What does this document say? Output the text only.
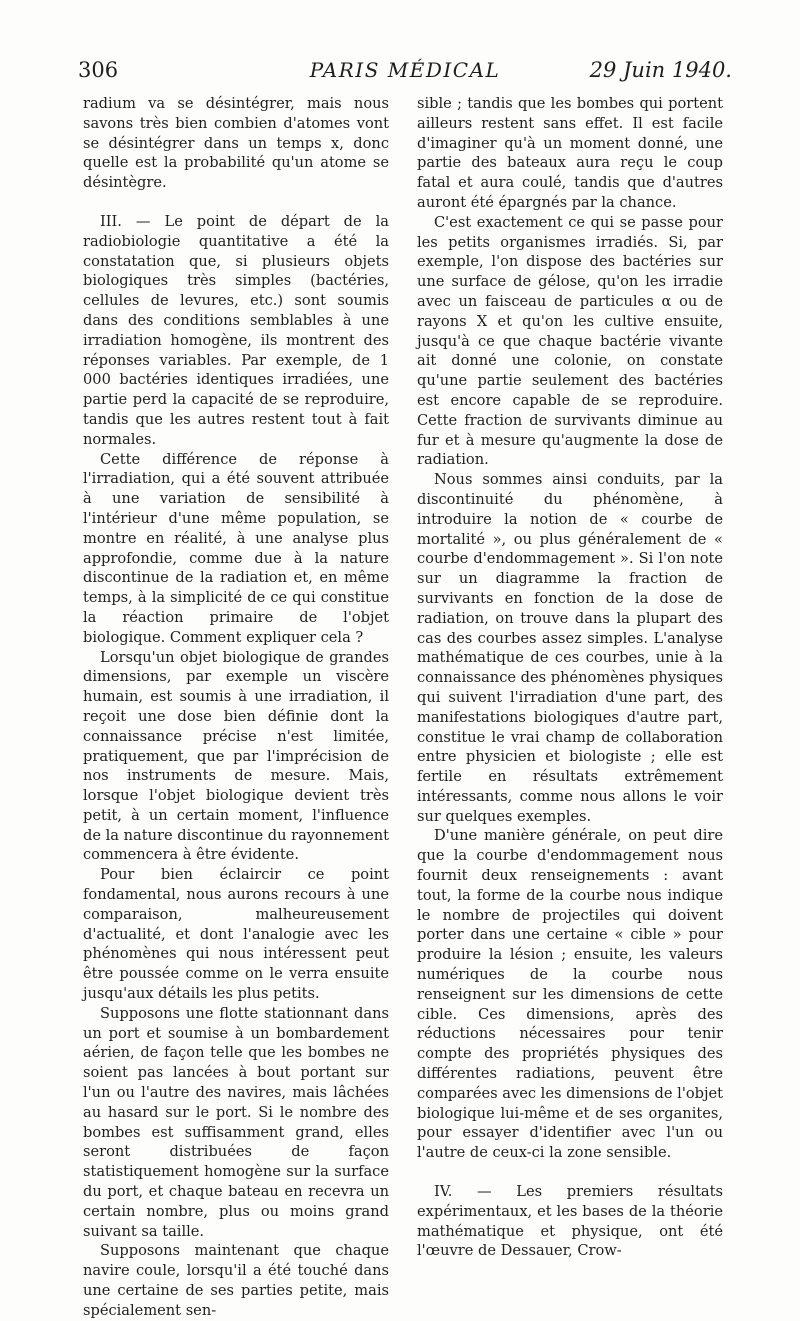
306	PARIS MÉDICAL	29 Juin 1940.

radium va se désintégrer, mais nous savons très bien combien d'atomes vont se désintégrer dans un temps x, donc quelle est la probabilité qu'un atome se désintègre.

III. — Le point de départ de la radiobiologie quantitative a été la constatation que, si plusieurs objets biologiques très simples (bactéries, cellules de levures, etc.) sont soumis dans des conditions semblables à une irradiation homogène, ils montrent des réponses variables. Par exemple, de 1 000 bactéries identiques irradiées, une partie perd la capacité de se reproduire, tandis que les autres restent tout à fait normales.

Cette différence de réponse à l'irradiation, qui a été souvent attribuée à une variation de sensibilité à l'intérieur d'une même population, se montre en réalité, à une analyse plus approfondie, comme due à la nature discontinue de la radiation et, en même temps, à la simplicité de ce qui constitue la réaction primaire de l'objet biologique. Comment expliquer cela ?

Lorsqu'un objet biologique de grandes dimensions, par exemple un viscère humain, est soumis à une irradiation, il reçoit une dose bien définie dont la connaissance précise n'est limitée, pratiquement, que par l'imprécision de nos instruments de mesure. Mais, lorsque l'objet biologique devient très petit, à un certain moment, l'influence de la nature discontinue du rayonnement commencera à être évidente.

Pour bien éclaircir ce point fondamental, nous aurons recours à une comparaison, malheureusement d'actualité, et dont l'analogie avec les phénomènes qui nous intéressent peut être poussée comme on le verra ensuite jusqu'aux détails les plus petits.

Supposons une flotte stationnant dans un port et soumise à un bombardement aérien, de façon telle que les bombes ne soient pas lancées à bout portant sur l'un ou l'autre des navires, mais lâchées au hasard sur le port. Si le nombre des bombes est suffisamment grand, elles seront distribuées de façon statistiquement homogène sur la surface du port, et chaque bateau en recevra un certain nombre, plus ou moins grand suivant sa taille.

Supposons maintenant que chaque navire coule, lorsqu'il a été touché dans une certaine de ses parties petite, mais spécialement sen-

sible ; tandis que les bombes qui portent ailleurs restent sans effet. Il est facile d'imaginer qu'à un moment donné, une partie des bateaux aura reçu le coup fatal et aura coulé, tandis que d'autres auront été épargnés par la chance.

C'est exactement ce qui se passe pour les petits organismes irradiés. Si, par exemple, l'on dispose des bactéries sur une surface de gélose, qu'on les irradie avec un faisceau de particules α ou de rayons X et qu'on les cultive ensuite, jusqu'à ce que chaque bactérie vivante ait donné une colonie, on constate qu'une partie seulement des bactéries est encore capable de se reproduire. Cette fraction de survivants diminue au fur et à mesure qu'augmente la dose de radiation.

Nous sommes ainsi conduits, par la discontinuité du phénomène, à introduire la notion de « courbe de mortalité », ou plus généralement de « courbe d'endommagement ». Si l'on note sur un diagramme la fraction de survivants en fonction de la dose de radiation, on trouve dans la plupart des cas des courbes assez simples. L'analyse mathématique de ces courbes, unie à la connaissance des phénomènes physiques qui suivent l'irradiation d'une part, des manifestations biologiques d'autre part, constitue le vrai champ de collaboration entre physicien et biologiste ; elle est fertile en résultats extrêmement intéressants, comme nous allons le voir sur quelques exemples.

D'une manière générale, on peut dire que la courbe d'endommagement nous fournit deux renseignements : avant tout, la forme de la courbe nous indique le nombre de projectiles qui doivent porter dans une certaine « cible » pour produire la lésion ; ensuite, les valeurs numériques de la courbe nous renseignent sur les dimensions de cette cible. Ces dimensions, après des réductions nécessaires pour tenir compte des propriétés physiques des différentes radiations, peuvent être comparées avec les dimensions de l'objet biologique lui-même et de ses organites, pour essayer d'identifier avec l'un ou l'autre de ceux-ci la zone sensible.

IV. — Les premiers résultats expérimentaux, et les bases de la théorie mathématique et physique, ont été l'œuvre de Dessauer, Crow-
